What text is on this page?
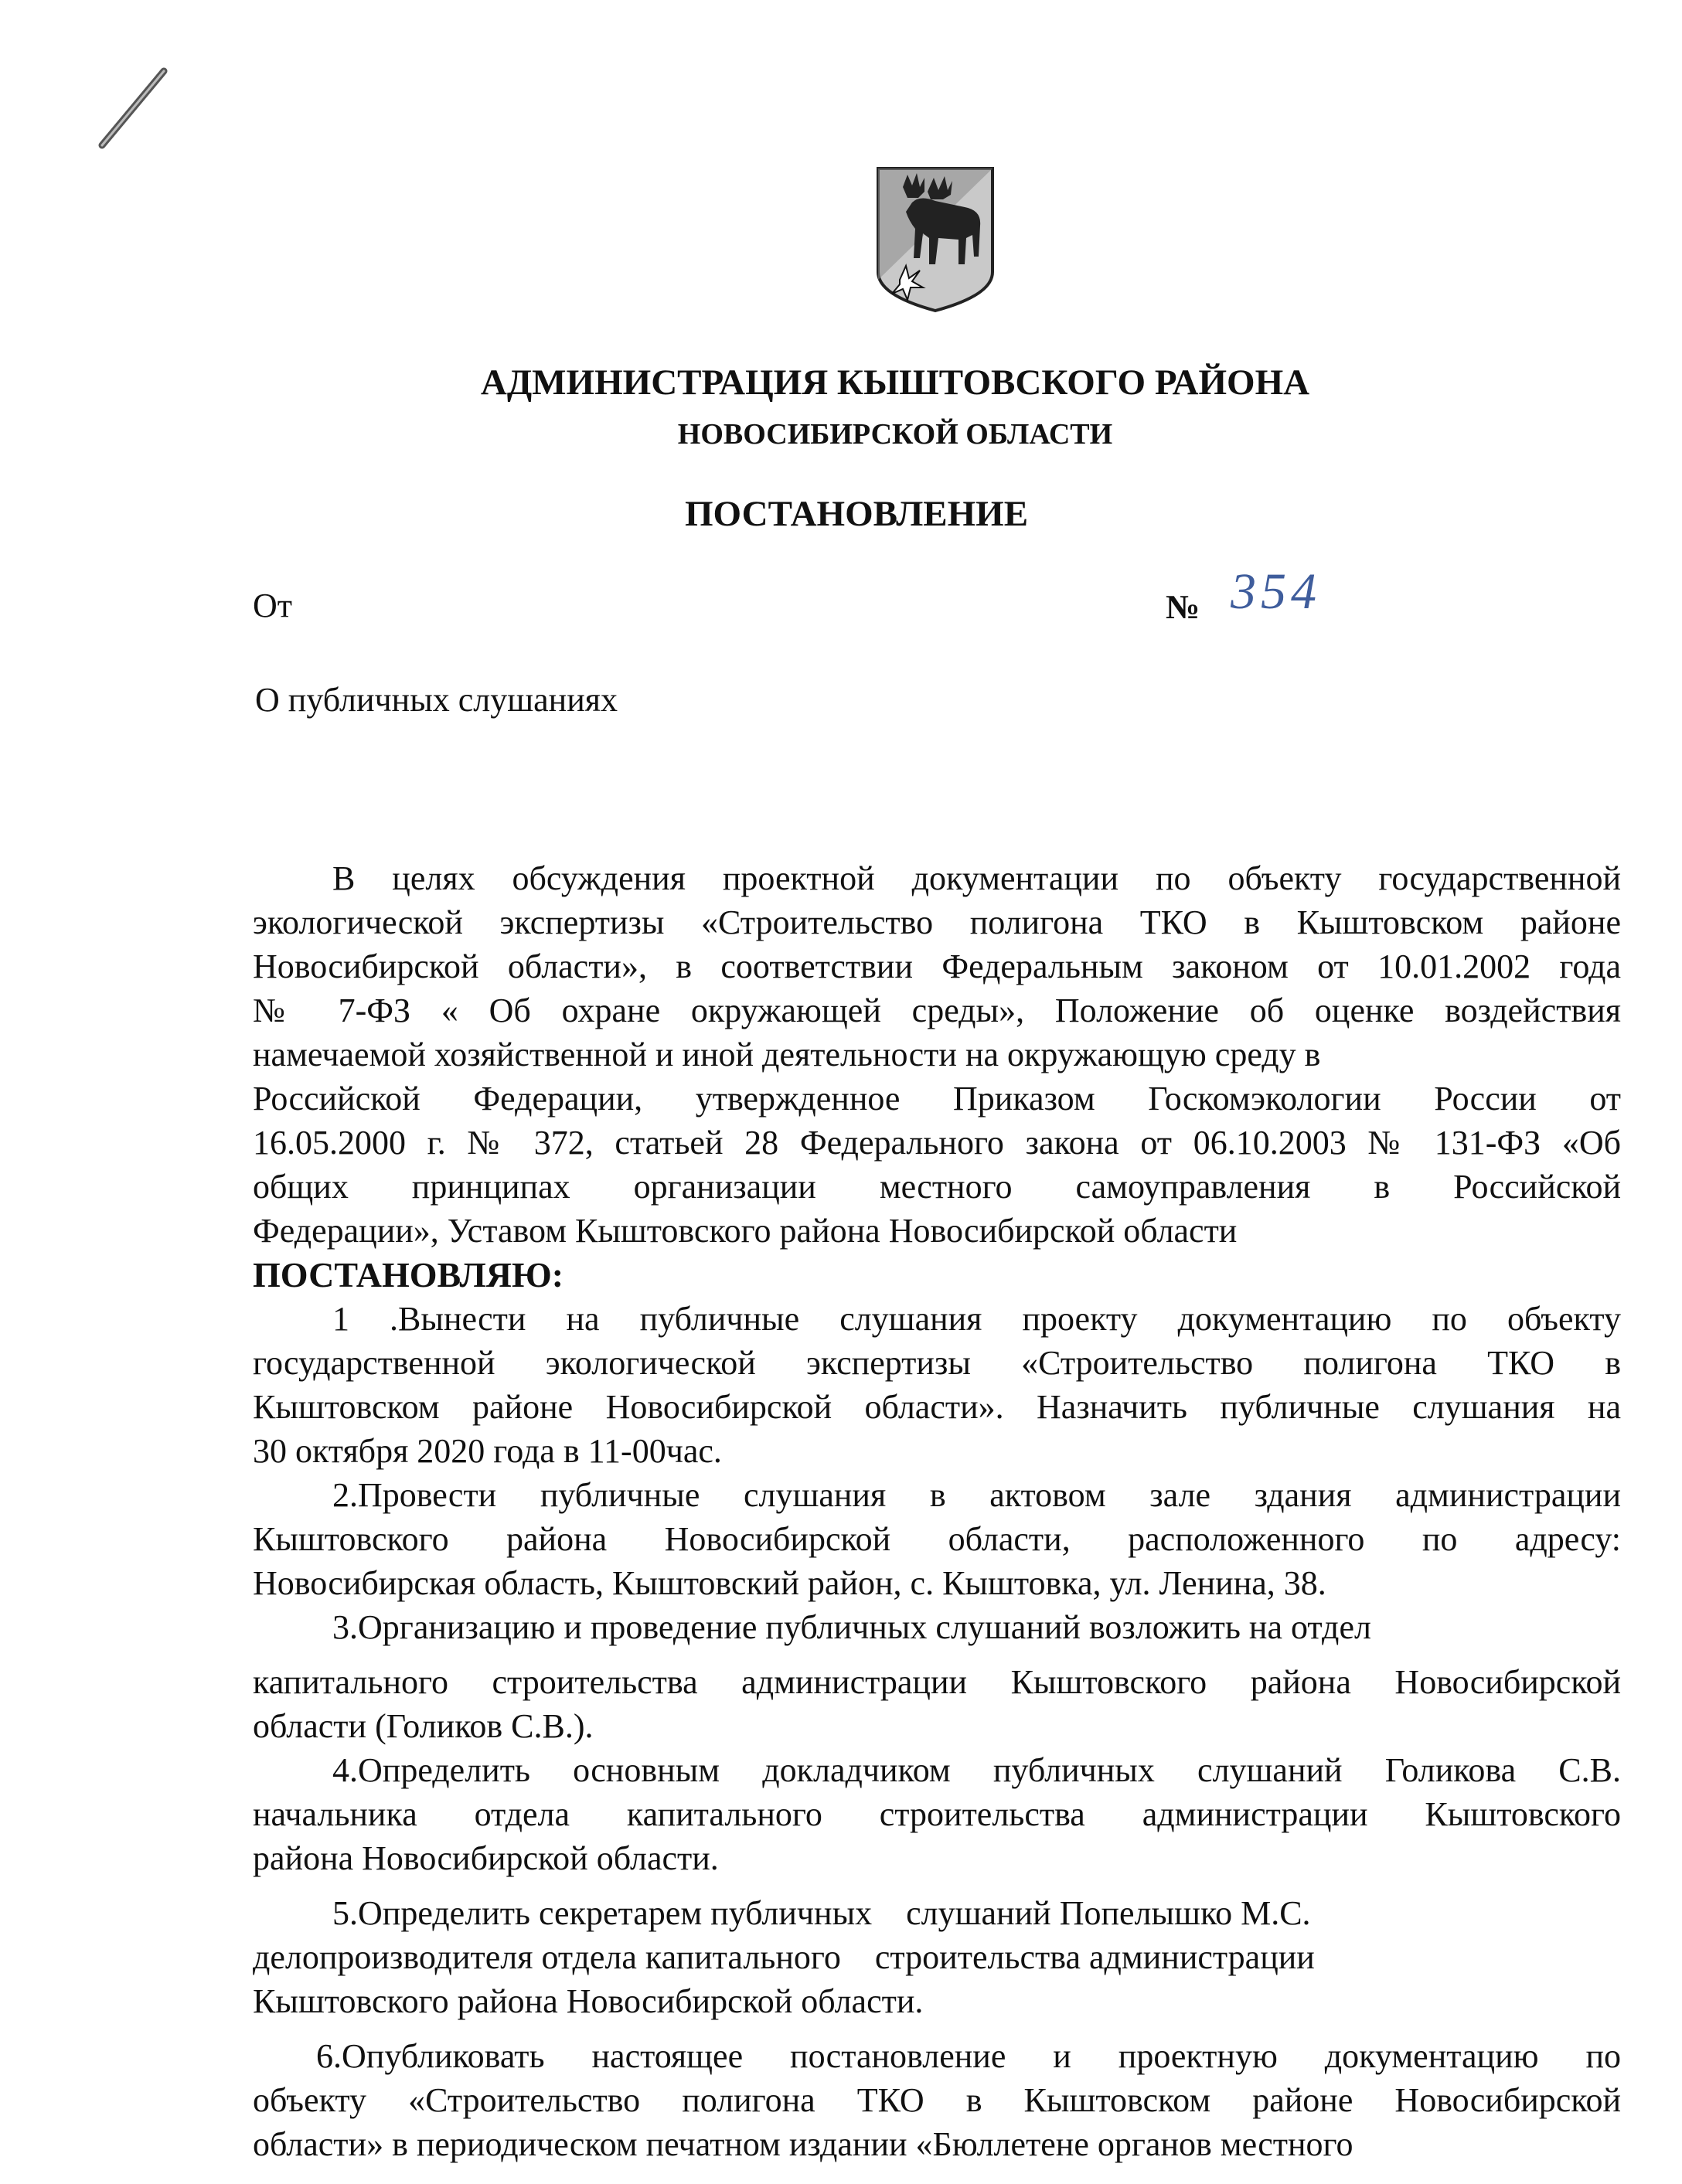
АДМИНИСТРАЦИЯ КЫШТОВСКОГО РАЙОНА
НОВОСИБИРСКОЙ ОБЛАСТИ
ПОСТАНОВЛЕНИЕ
От	№ 354
О публичных слушаниях

В целях обсуждения проектной документации по объекту государственной

экологической экспертизы «Строительство полигона ТКО в Кыштовском районе

Новосибирской области», в соответствии Федеральным законом от 10.01.2002 года

№ 7-ФЗ « Об охране окружающей среды», Положение об оценке воздействия

намечаемой хозяйственной и иной деятельности на окружающую среду в

Российской Федерации, утвержденное Приказом Госкомэкологии России от

16.05.2000 г. № 372, статьей 28 Федерального закона от 06.10.2003 № 131-ФЗ «Об

общих принципах организации местного самоуправления в Российской

Федерации», Уставом Кыштовского района Новосибирской области

ПОСТАНОВЛЯЮ:

1 .Вынести на публичные слушания проекту документацию по объекту

государственной экологической экспертизы «Строительство полигона ТКО в

Кыштовском районе Новосибирской области». Назначить публичные слушания на

30 октября 2020 года в 11-00час.

2.Провести публичные слушания в актовом зале здания администрации

Кыштовского района Новосибирской области, расположенного по адресу:

Новосибирская область, Кыштовский район, с. Кыштовка, ул. Ленина, 38.

3.Организацию и проведение публичных слушаний возложить на отдел

капитального строительства администрации Кыштовского района Новосибирской

области (Голиков С.В.).

4.Определить основным докладчиком публичных слушаний Голикова С.В.

начальника отдела капитального строительства администрации Кыштовского

района Новосибирской области.

5.Определить секретарем публичных    слушаний Попелышко М.С.

делопроизводителя отдела капитального    строительства администрации

Кыштовского района Новосибирской области.

6.Опубликовать настоящее постановление и проектную документацию по

объекту «Строительство полигона ТКО в Кыштовском районе Новосибирской

области» в периодическом печатном издании «Бюллетене органов местного
